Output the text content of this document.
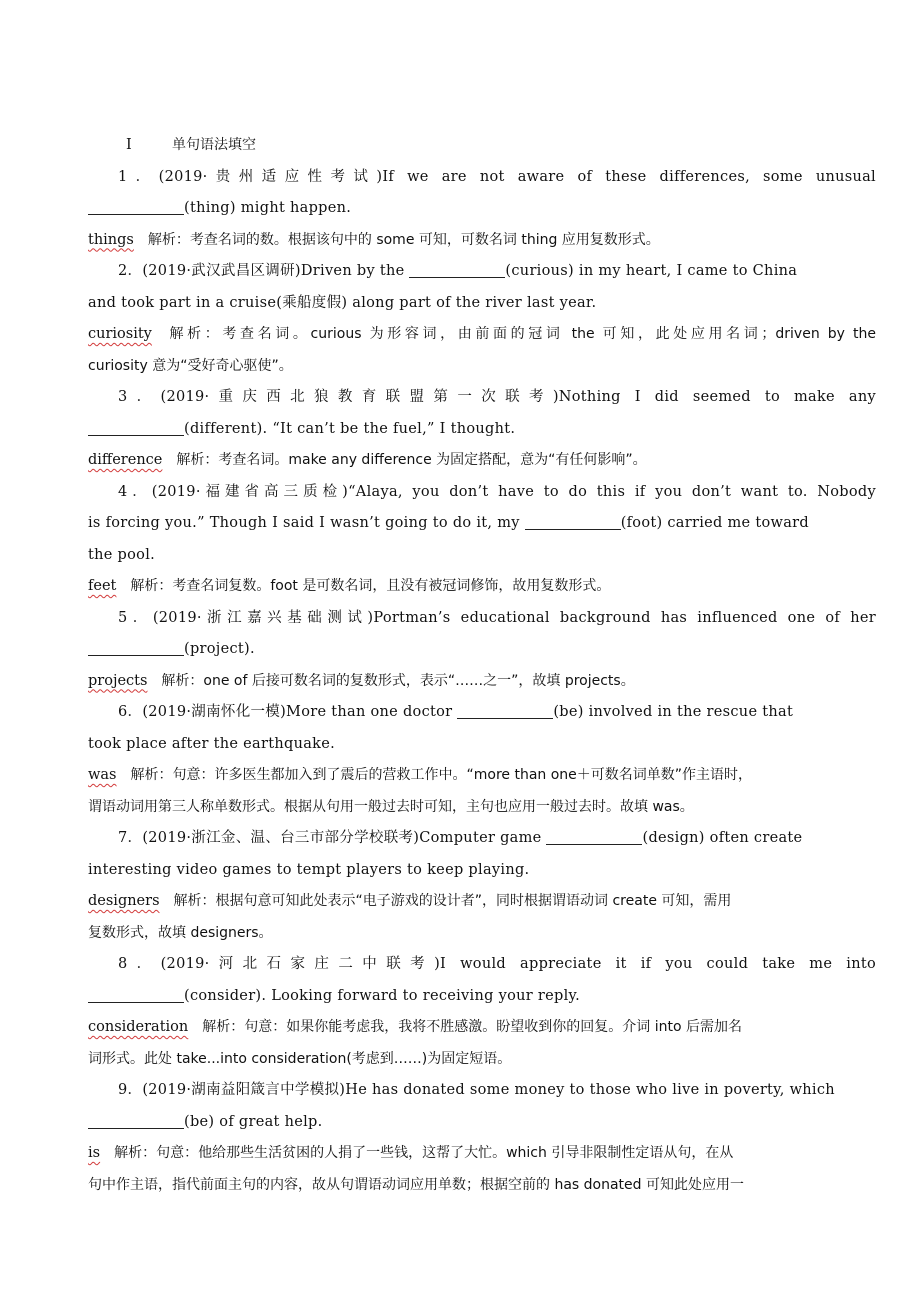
I	单句语法填空
1．(2019·贵州适应性考试)If we are not aware of these differences, some unusual
(thing) might happen.
things 解析：考查名词的数。根据该句中的 some 可知，可数名词 thing 应用复数形式。
2．(2019·武汉武昌区调研)Driven by the	(curious) in my heart, I came to China
and took part in a cruise(乘船度假) along part of the river last year.
curiosity 解析：考查名词。curious 为形容词，由前面的冠词 the 可知，此处应用名词；driven by the
curiosity 意为“受好奇心驱使”。
3．(2019·重庆西北狼教育联盟第一次联考)Nothing I did seemed to make any
(different). “It can’t be the fuel,” I thought.
difference 解析：考查名词。make any difference 为固定搭配，意为“有任何影响”。
4．(2019·福建省高三质检)“Alaya, you don’t have to do this if you don’t want to. Nobody
is forcing you.” Though I said I wasn’t going to do it, my	(foot) carried me toward
the pool.
feet 解析：考查名词复数。foot 是可数名词，且没有被冠词修饰，故用复数形式。
5．(2019·浙江嘉兴基础测试)Portman’s educational background has influenced one of her
(project).
projects 解析：one of 后接可数名词的复数形式，表示“……之一”，故填 projects。
6．(2019·湖南怀化一模)More than one doctor	(be) involved in the rescue that
took place after the earthquake.
was 解析：句意：许多医生都加入到了震后的营救工作中。“more than one＋可数名词单数”作主语时，
谓语动词用第三人称单数形式。根据从句用一般过去时可知，主句也应用一般过去时。故填 was。
7．(2019·浙江金、温、台三市部分学校联考)Computer game	(design) often create
interesting video games to tempt players to keep playing.
designers 解析：根据句意可知此处表示“电子游戏的设计者”，同时根据谓语动词 create 可知，需用
复数形式，故填 designers。
8．(2019·河北石家庄二中联考)I would appreciate it if you could take me into
(consider). Looking forward to receiving your reply.
consideration 解析：句意：如果你能考虑我，我将不胜感激。盼望收到你的回复。介词 into 后需加名
词形式。此处 take...into consideration(考虑到……)为固定短语。
9．(2019·湖南益阳箴言中学模拟)He has donated some money to those who live in poverty, which
(be) of great help.
is 解析：句意：他给那些生活贫困的人捐了一些钱，这帮了大忙。which 引导非限制性定语从句，在从
句中作主语，指代前面主句的内容，故从句谓语动词应用单数；根据空前的 has donated 可知此处应用一
